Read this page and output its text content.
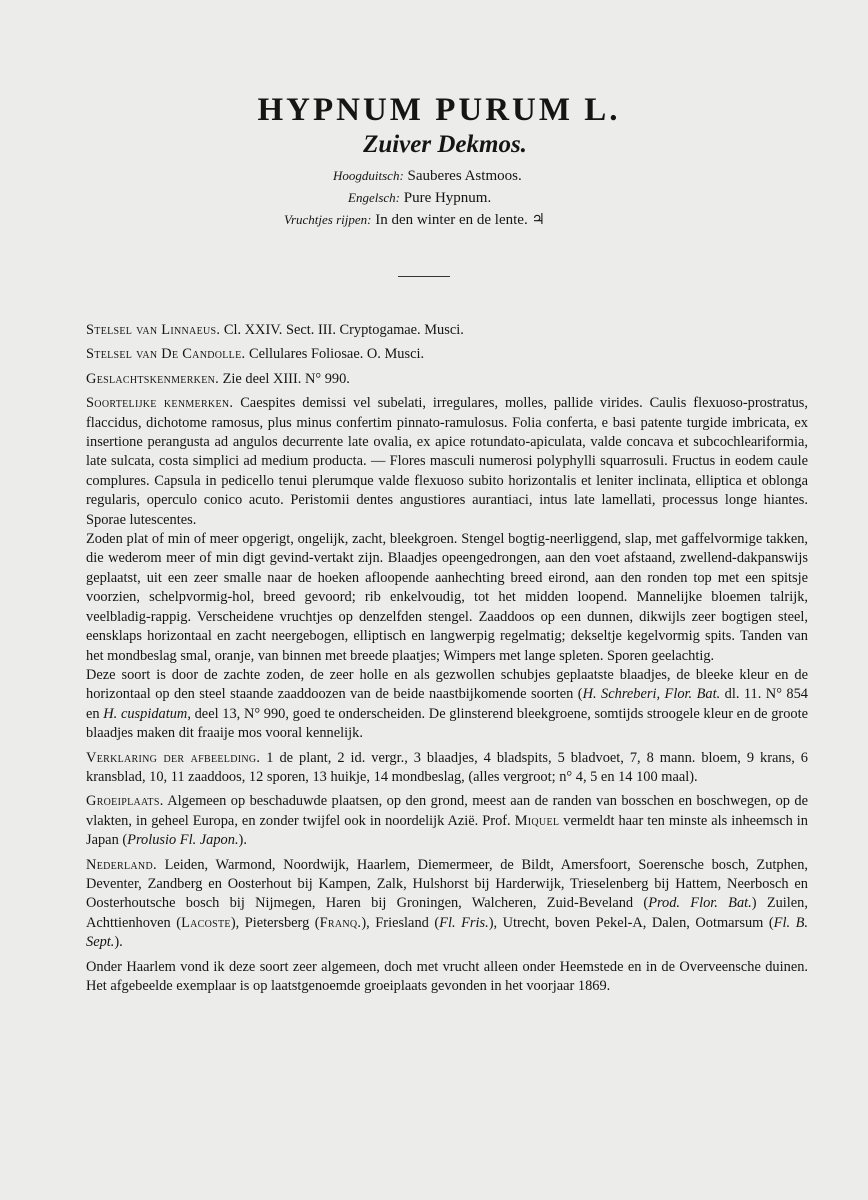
HYPNUM PURUM L.
Zuiver Dekmos.
Hoogduitsch: Sauberes Astmoos.
Engelsch: Pure Hypnum.
Vruchtjes rijpen: In den winter en de lente. ♃

Stelsel van Linnaeus. Cl. XXIV. Sect. III. Cryptogamae. Musci.

Stelsel van De Candolle. Cellulares Foliosae. O. Musci.

Geslachtskenmerken. Zie deel XIII. N° 990.

Soortelijke kenmerken. Caespites demissi vel subelati, irregulares, molles, pallide virides. Caulis flexuoso-prostratus, flaccidus, dichotome ramosus, plus minus confertim pinnato-ramulosus. Folia conferta, e basi patente turgide imbricata, ex insertione perangusta ad angulos decurrente late ovalia, ex apice rotundato-apiculata, valde concava et subcochleariformia, late sulcata, costa simplici ad medium producta. — Flores masculi numerosi polyphylli squarrosuli. Fructus in eodem caule complures. Capsula in pedicello tenui plerumque valde flexuoso subito horizontalis et leniter inclinata, elliptica et oblonga regularis, operculo conico acuto. Peristomii dentes angustiores aurantiaci, intus late lamellati, processus longe hiantes. Sporae lutescentes.

Zoden plat of min of meer opgerigt, ongelijk, zacht, bleekgroen. Stengel bogtig-neerliggend, slap, met gaffelvormige takken, die wederom meer of min digt gevind-vertakt zijn. Blaadjes opeengedrongen, aan den voet afstaand, zwellend-dakpanswijs geplaatst, uit een zeer smalle naar de hoeken afloopende aanhechting breed eirond, aan den ronden top met een spitsje voorzien, schelpvormig-hol, breed gevoord; rib enkelvoudig, tot het midden loopend. Mannelijke bloemen talrijk, veelbladig-rappig. Verscheidene vruchtjes op denzelfden stengel. Zaaddoos op een dunnen, dikwijls zeer bogtigen steel, eensklaps horizontaal en zacht neergebogen, elliptisch en langwerpig regelmatig; dekseltje kegelvormig spits. Tanden van het mondbeslag smal, oranje, van binnen met breede plaatjes; Wimpers met lange spleten. Sporen geelachtig.

Deze soort is door de zachte zoden, de zeer holle en als gezwollen schubjes geplaatste blaadjes, de bleeke kleur en de horizontaal op den steel staande zaaddoozen van de beide naastbijkomende soorten (H. Schreberi, Flor. Bat. dl. 11. N° 854 en H. cuspidatum, deel 13, N° 990, goed te onderscheiden. De glinsterend bleekgroene, somtijds stroogele kleur en de groote blaadjes maken dit fraaije mos vooral kennelijk.

Verklaring der afbeelding. 1 de plant, 2 id. vergr., 3 blaadjes, 4 bladspits, 5 bladvoet, 7, 8 mann. bloem, 9 krans, 6 kransblad, 10, 11 zaaddoos, 12 sporen, 13 huikje, 14 mondbeslag, (alles vergroot; n° 4, 5 en 14 100 maal).

Groeiplaats. Algemeen op beschaduwde plaatsen, op den grond, meest aan de randen van bosschen en boschwegen, op de vlakten, in geheel Europa, en zonder twijfel ook in noordelijk Azië. Prof. Miquel vermeldt haar ten minste als inheemsch in Japan (Prolusio Fl. Japon.).

Nederland. Leiden, Warmond, Noordwijk, Haarlem, Diemermeer, de Bildt, Amersfoort, Soerensche bosch, Zutphen, Deventer, Zandberg en Oosterhout bij Kampen, Zalk, Hulshorst bij Harderwijk, Trieselenberg bij Hattem, Neerbosch en Oosterhoutsche bosch bij Nijmegen, Haren bij Groningen, Walcheren, Zuid-Beveland (Prod. Flor. Bat.) Zuilen, Achttienhoven (Lacoste), Pietersberg (Franq.), Friesland (Fl. Fris.), Utrecht, boven Pekel-A, Dalen, Ootmarsum (Fl. B. Sept.).

Onder Haarlem vond ik deze soort zeer algemeen, doch met vrucht alleen onder Heemstede en in de Overveensche duinen. Het afgebeelde exemplaar is op laatstgenoemde groeiplaats gevonden in het voorjaar 1869.
